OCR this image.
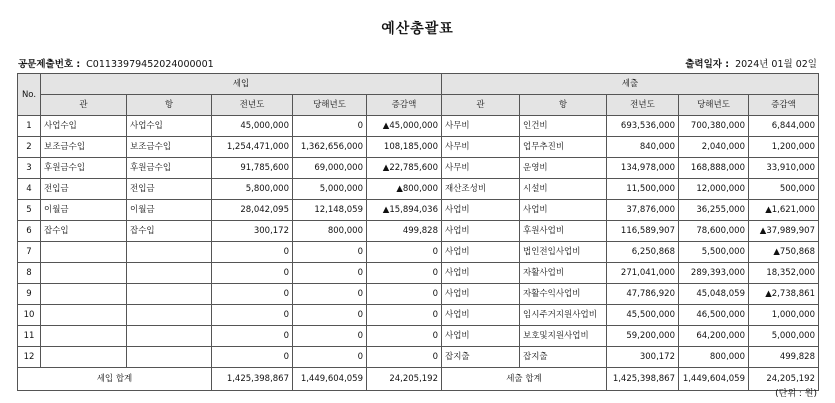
예산총괄표
공문제출번호 : C01133979452024000001	출력일자 : 2024년 01월 02일
No.	세입					세출				
	관	항	전년도	당해년도	증감액	관	항	전년도	당해년도	증감액
1	사업수입	사업수입	45,000,000	0	▲45,000,000	사무비	인건비	693,536,000	700,380,000	6,844,000
2	보조금수입	보조금수입	1,254,471,000	1,362,656,000	108,185,000	사무비	업무추진비	840,000	2,040,000	1,200,000
3	후원금수입	후원금수입	91,785,600	69,000,000	▲22,785,600	사무비	운영비	134,978,000	168,888,000	33,910,000
4	전입금	전입금	5,800,000	5,000,000	▲800,000	재산조성비	시설비	11,500,000	12,000,000	500,000
5	이월금	이월금	28,042,095	12,148,059	▲15,894,036	사업비	사업비	37,876,000	36,255,000	▲1,621,000
6	잡수입	잡수입	300,172	800,000	499,828	사업비	후원사업비	116,589,907	78,600,000	▲37,989,907
7			0	0	0	사업비	법인전입사업비	6,250,868	5,500,000	▲750,868
8			0	0	0	사업비	자활사업비	271,041,000	289,393,000	18,352,000
9			0	0	0	사업비	자활수익사업비	47,786,920	45,048,059	▲2,738,861
10			0	0	0	사업비	임시주거지원사업비	45,500,000	46,500,000	1,000,000
11			0	0	0	사업비	보호및지원사업비	59,200,000	64,200,000	5,000,000
12			0	0	0	잡지출	잡지출	300,172	800,000	499,828
세입 합계			1,425,398,867	1,449,604,059	24,205,192	세출 합계		1,425,398,867	1,449,604,059	24,205,192
(단위 : 원)
